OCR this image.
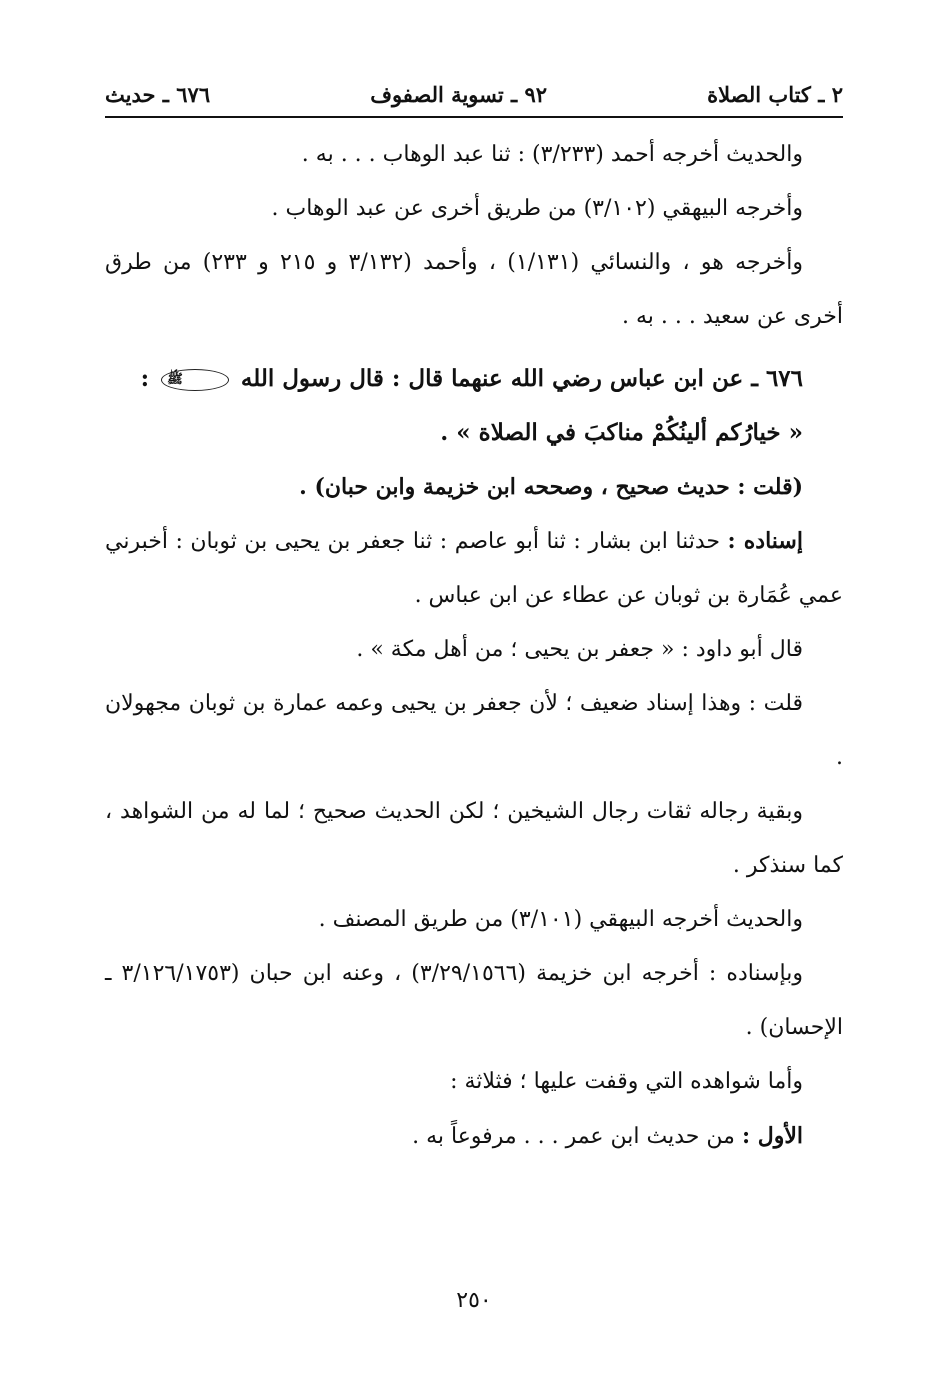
٢ ـ كتاب الصلاة
٩٢ ـ تسوية الصفوف
٦٧٦ ـ حديث

والحديث أخرجه أحمد (٣/٢٣٣) : ثنا عبد الوهاب . . . به .

وأخرجه البيهقي (٣/١٠٢) من طريق أخرى عن عبد الوهاب .

وأخرجه هو ، والنسائي (١/١٣١) ، وأحمد (٣/١٣٢ و ٢١٥ و ٢٣٣) من طرق أخرى عن سعيد . . . به .

٦٧٦ ـ عن ابن عباس رضي الله عنهما قال : قال رسول الله ﷺ :

« خيارُكم ألينُكُمْ مناكبَ في الصلاة » .

(قلت : حديث صحيح ، وصححه ابن خزيمة وابن حبان) .

إسناده : حدثنا ابن بشار : ثنا أبو عاصم : ثنا جعفر بن يحيى بن ثوبان : أخبرني عمي عُمَارة بن ثوبان عن عطاء عن ابن عباس .

قال أبو داود : « جعفر بن يحيى ؛ من أهل مكة » .

قلت : وهذا إسناد ضعيف ؛ لأن جعفر بن يحيى وعمه عمارة بن ثوبان مجهولان .

وبقية رجاله ثقات رجال الشيخين ؛ لكن الحديث صحيح ؛ لما له من الشواهد ، كما سنذكر .

والحديث أخرجه البيهقي (٣/١٠١) من طريق المصنف .

وبإسناده : أخرجه ابن خزيمة (٣/٢٩/١٥٦٦) ، وعنه ابن حبان (٣/١٢٦/١٧٥٣ ـ الإحسان) .

وأما شواهده التي وقفت عليها ؛ فثلاثة :

الأول : من حديث ابن عمر . . . مرفوعاً به .

٢٥٠
